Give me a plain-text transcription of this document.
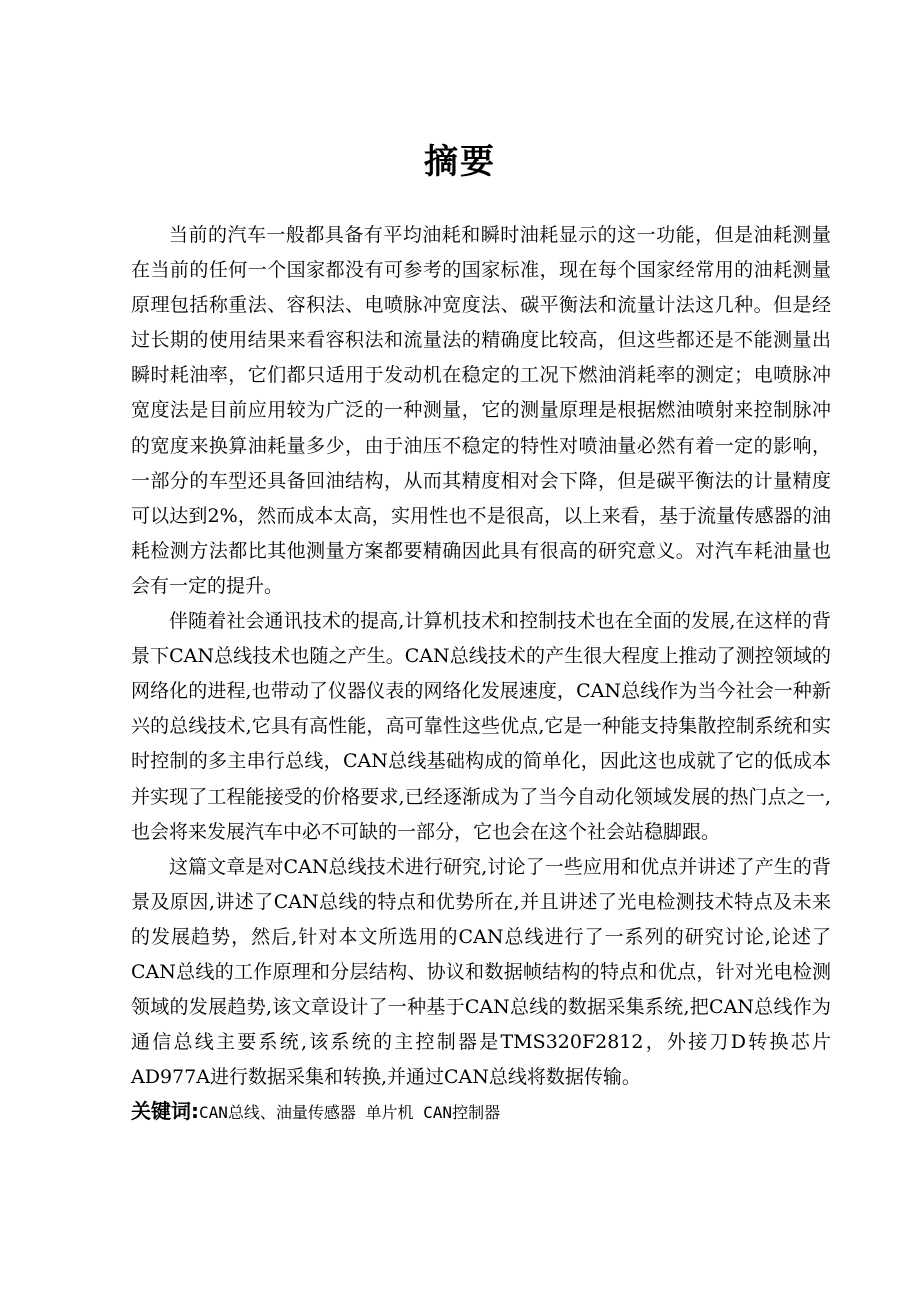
摘要

当前的汽车一般都具备有平均油耗和瞬时油耗显示的这一功能，但是油耗测量在当前的任何一个国家都没有可参考的国家标准，现在每个国家经常用的油耗测量原理包括称重法、容积法、电喷脉冲宽度法、碳平衡法和流量计法这几种。但是经过长期的使用结果来看容积法和流量法的精确度比较高，但这些都还是不能测量出瞬时耗油率，它们都只适用于发动机在稳定的工况下燃油消耗率的测定；电喷脉冲宽度法是目前应用较为广泛的一种测量，它的测量原理是根据燃油喷射来控制脉冲的宽度来换算油耗量多少，由于油压不稳定的特性对喷油量必然有着一定的影响，一部分的车型还具备回油结构，从而其精度相对会下降，但是碳平衡法的计量精度可以达到2%，然而成本太高，实用性也不是很高，以上来看，基于流量传感器的油耗检测方法都比其他测量方案都要精确因此具有很高的研究意义。对汽车耗油量也会有一定的提升。

伴随着社会通讯技术的提高,计算机技术和控制技术也在全面的发展,在这样的背景下CAN总线技术也随之产生。CAN总线技术的产生很大程度上推动了测控领域的网络化的进程,也带动了仪器仪表的网络化发展速度，CAN总线作为当今社会一种新兴的总线技术,它具有高性能，高可靠性这些优点,它是一种能支持集散控制系统和实时控制的多主串行总线，CAN总线基础构成的简单化，因此这也成就了它的低成本并实现了工程能接受的价格要求,已经逐渐成为了当今自动化领域发展的热门点之一,也会将来发展汽车中必不可缺的一部分，它也会在这个社会站稳脚跟。

这篇文章是对CAN总线技术进行研究,讨论了一些应用和优点并讲述了产生的背景及原因,讲述了CAN总线的特点和优势所在,并且讲述了光电检测技术特点及未来的发展趋势，然后,针对本文所选用的CAN总线进行了一系列的研究讨论,论述了CAN总线的工作原理和分层结构、协议和数据帧结构的特点和优点，针对光电检测领域的发展趋势,该文章设计了一种基于CAN总线的数据采集系统,把CAN总线作为通信总线主要系统,该系统的主控制器是TMS320F2812，外接刀D转换芯片AD977A进行数据采集和转换,并通过CAN总线将数据传输。

关键词:CAN总线、油量传感器 单片机 CAN控制器
